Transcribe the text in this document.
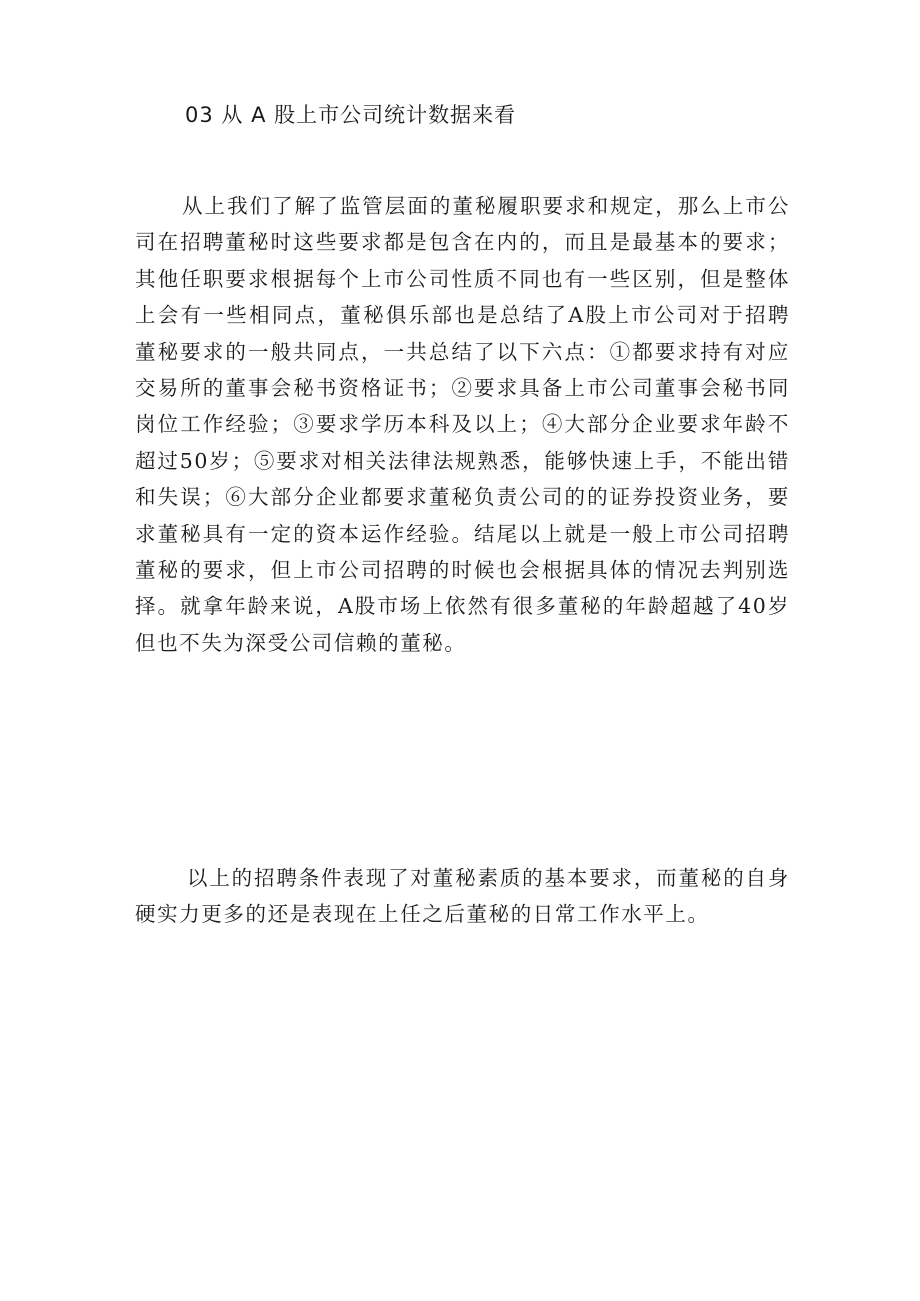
03 从 A 股上市公司统计数据来看

从上我们了解了监管层面的董秘履职要求和规定，那么上市公司在招聘董秘时这些要求都是包含在内的，而且是最基本的要求；其他任职要求根据每个上市公司性质不同也有一些区别，但是整体上会有一些相同点，董秘俱乐部也是总结了A股上市公司对于招聘董秘要求的一般共同点，一共总结了以下六点：①都要求持有对应交易所的董事会秘书资格证书；②要求具备上市公司董事会秘书同岗位工作经验；③要求学历本科及以上；④大部分企业要求年龄不超过50岁；⑤要求对相关法律法规熟悉，能够快速上手，不能出错和失误；⑥大部分企业都要求董秘负责公司的的证券投资业务，要求董秘具有一定的资本运作经验。结尾以上就是一般上市公司招聘董秘的要求，但上市公司招聘的时候也会根据具体的情况去判别选择。就拿年龄来说，A股市场上依然有很多董秘的年龄超越了40岁但也不失为深受公司信赖的董秘。

以上的招聘条件表现了对董秘素质的基本要求，而董秘的自身硬实力更多的还是表现在上任之后董秘的日常工作水平上。
